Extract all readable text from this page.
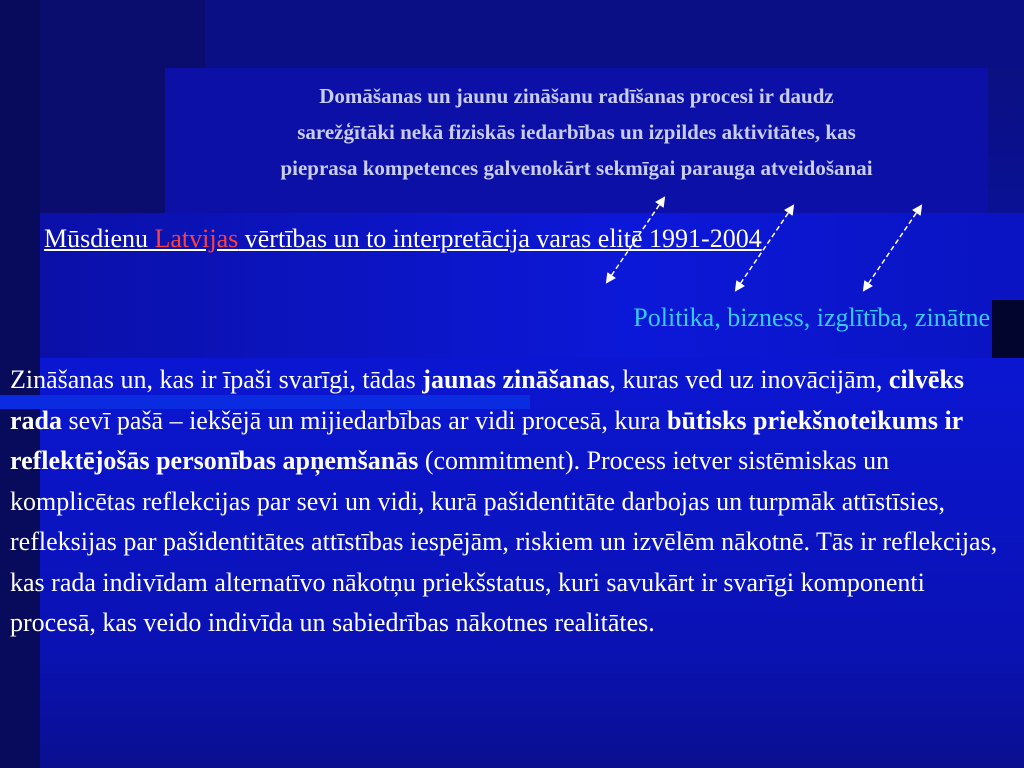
Domāšanas un jaunu zināšanu radīšanas procesi ir daudz
sarežģītāki nekā fiziskās iedarbības un izpildes aktivitātes, kas
pieprasa kompetences galvenokārt sekmīgai parauga atveidošanai
Mūsdienu Latvijas vērtības un to interpretācija varas elitē 1991-2004
Politika, bizness, izglītība, zinātne
Zināšanas un, kas ir īpaši svarīgi, tādas jaunas zināšanas, kuras ved uz inovācijām, cilvēks rada sevī pašā – iekšējā un mijiedarbības ar vidi procesā, kura būtisks priekšnoteikums ir reflektējošās personības apņemšanās (commitment). Process ietver sistēmiskas un komplicētas reflekcijas par sevi un vidi, kurā pašidentitāte darbojas un turpmāk attīstīsies, refleksijas par pašidentitātes attīstības iespējām, riskiem un izvēlēm nākotnē. Tās ir reflekcijas, kas rada indivīdam alternatīvo nākotņu priekšstatus, kuri savukārt ir svarīgi komponenti procesā, kas veido indivīda un sabiedrības nākotnes realitātes.
